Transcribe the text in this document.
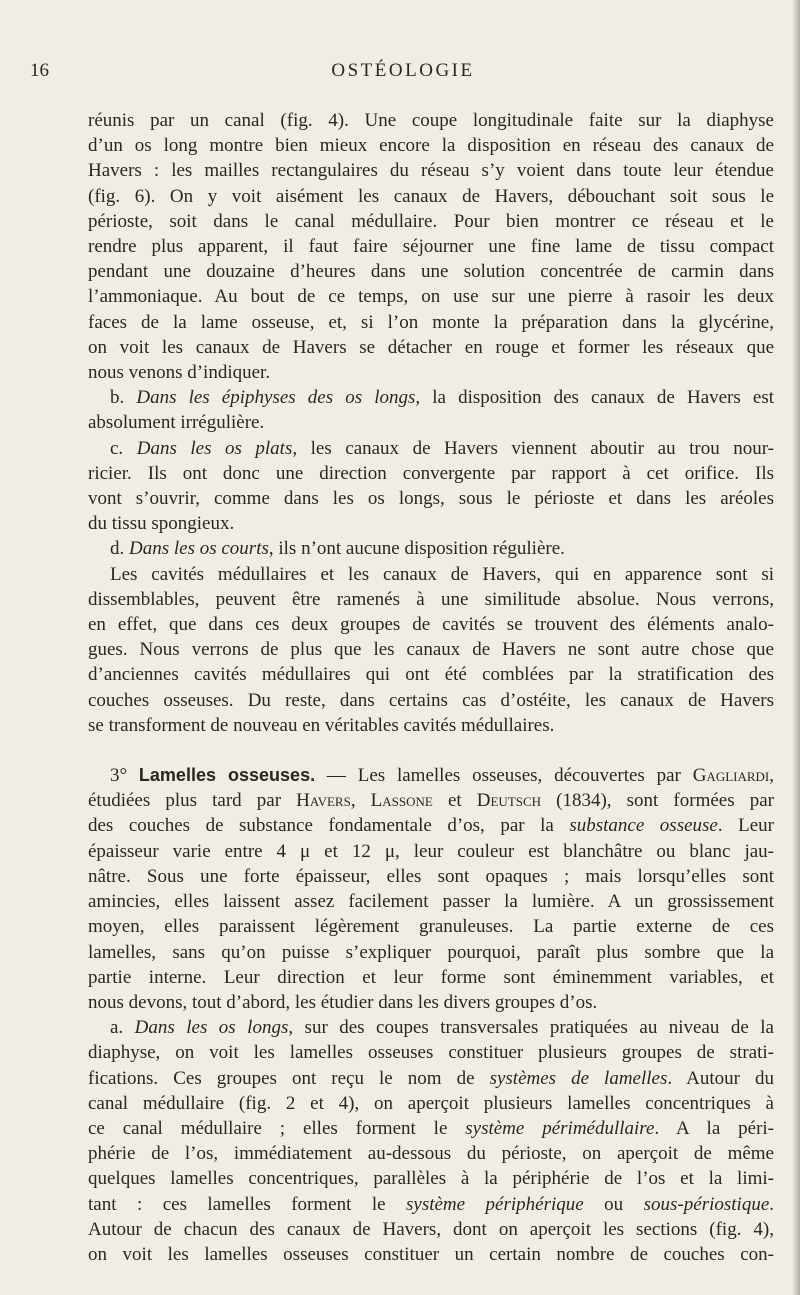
16	OSTÉOLOGIE

réunis par un canal (fig. 4). Une coupe longitudinale faite sur la diaphyse
d’un os long montre bien mieux encore la disposition en réseau des canaux de
Havers : les mailles rectangulaires du réseau s’y voient dans toute leur étendue
(fig. 6). On y voit aisément les canaux de Havers, débouchant soit sous le
périoste, soit dans le canal médullaire. Pour bien montrer ce réseau et le
rendre plus apparent, il faut faire séjourner une fine lame de tissu compact
pendant une douzaine d’heures dans une solution concentrée de carmin dans
l’ammoniaque. Au bout de ce temps, on use sur une pierre à rasoir les deux
faces de la lame osseuse, et, si l’on monte la préparation dans la glycérine,
on voit les canaux de Havers se détacher en rouge et former les réseaux que
nous venons d’indiquer.

b. Dans les épiphyses des os longs, la disposition des canaux de Havers est
absolument irrégulière.

c. Dans les os plats, les canaux de Havers viennent aboutir au trou nour-
ricier. Ils ont donc une direction convergente par rapport à cet orifice. Ils
vont s’ouvrir, comme dans les os longs, sous le périoste et dans les aréoles
du tissu spongieux.

d. Dans les os courts, ils n’ont aucune disposition régulière.

Les cavités médullaires et les canaux de Havers, qui en apparence sont si
dissemblables, peuvent être ramenés à une similitude absolue. Nous verrons,
en effet, que dans ces deux groupes de cavités se trouvent des éléments analo-
gues. Nous verrons de plus que les canaux de Havers ne sont autre chose que
d’anciennes cavités médullaires qui ont été comblées par la stratification des
couches osseuses. Du reste, dans certains cas d’ostéite, les canaux de Havers
se transforment de nouveau en véritables cavités médullaires.

3° Lamelles osseuses. — Les lamelles osseuses, découvertes par Gagliardi,
étudiées plus tard par Havers, Lassone et Deutsch (1834), sont formées par
des couches de substance fondamentale d’os, par la substance osseuse. Leur
épaisseur varie entre 4 μ et 12 μ, leur couleur est blanchâtre ou blanc jau-
nâtre. Sous une forte épaisseur, elles sont opaques ; mais lorsqu’elles sont
amincies, elles laissent assez facilement passer la lumière. A un grossissement
moyen, elles paraissent légèrement granuleuses. La partie externe de ces
lamelles, sans qu’on puisse s’expliquer pourquoi, paraît plus sombre que la
partie interne. Leur direction et leur forme sont éminemment variables, et
nous devons, tout d’abord, les étudier dans les divers groupes d’os.

a. Dans les os longs, sur des coupes transversales pratiquées au niveau de la
diaphyse, on voit les lamelles osseuses constituer plusieurs groupes de strati-
fications. Ces groupes ont reçu le nom de systèmes de lamelles. Autour du
canal médullaire (fig. 2 et 4), on aperçoit plusieurs lamelles concentriques à
ce canal médullaire ; elles forment le système périmédullaire. A la péri-
phérie de l’os, immédiatement au-dessous du périoste, on aperçoit de même
quelques lamelles concentriques, parallèles à la périphérie de l’os et la limi-
tant : ces lamelles forment le système périphérique ou sous-périostique.
Autour de chacun des canaux de Havers, dont on aperçoit les sections (fig. 4),
on voit les lamelles osseuses constituer un certain nombre de couches con-
